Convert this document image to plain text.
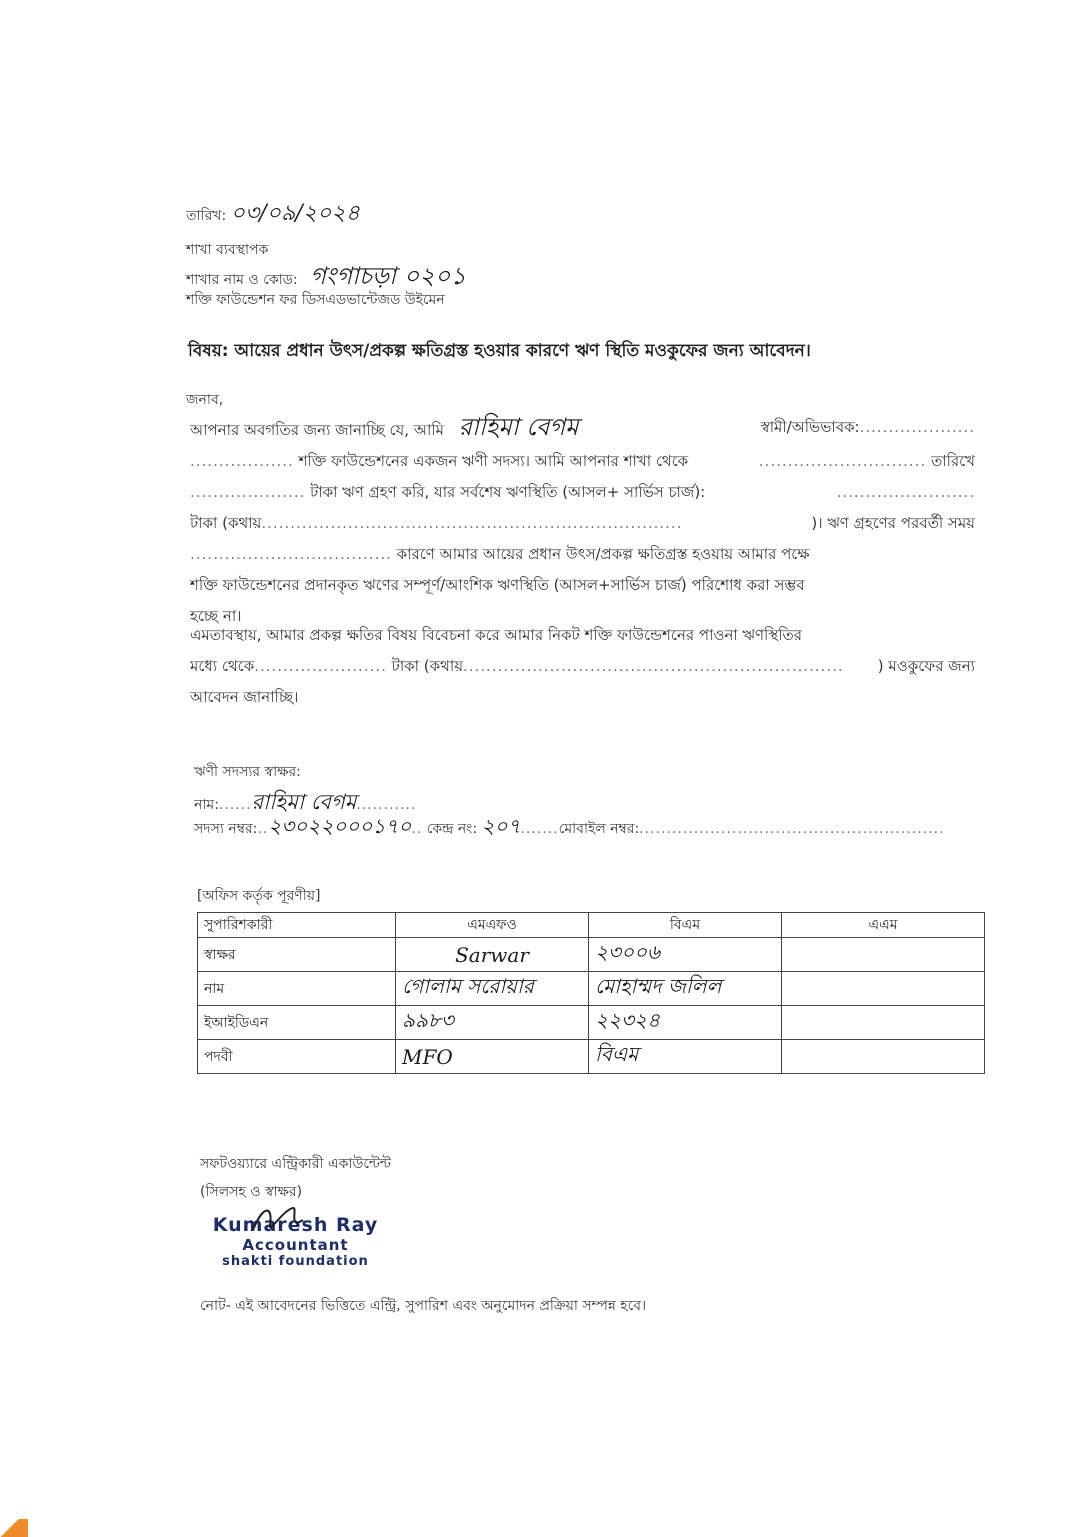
তারিখ: ০৩/০৯/২০২৪
শাখা ব্যবস্থাপক
শাখার নাম ও কোড: গংগাচড়া ০২০১
শক্তি ফাউন্ডেশন ফর ডিসএডভান্টেজড উইমেন
বিষয়: আয়ের প্রধান উৎস/প্রকল্প ক্ষতিগ্রস্ত হওয়ার কারণে ঋণ স্থিতি মওকুফের জন্য আবেদন।
জনাব,
আপনার অবগতির জন্য জানাচ্ছি যে, আমি রাহিমা বেগম	স্বামী/অভিভাবক:....................
.................. শক্তি ফাউন্ডেশনের একজন ঋণী সদস্য। আমি আপনার শাখা থেকে	............................. তারিখে
.................... টাকা ঋণ গ্রহণ করি, যার সর্বশেষ ঋণস্থিতি (আসল+ সার্ভিস চার্জ):	........................
টাকা (কথায়.........................................................................	)। ঋণ গ্রহণের পরবর্তী সময়
................................... কারণে আমার আয়ের প্রধান উৎস/প্রকল্প ক্ষতিগ্রস্ত হওয়ায় আমার পক্ষে
শক্তি ফাউন্ডেশনের প্রদানকৃত ঋণের সম্পূর্ণ/আংশিক ঋণস্থিতি (আসল+সার্ভিস চার্জ) পরিশোধ করা সম্ভব
হচ্ছে না।
এমতাবস্থায়, আমার প্রকল্প ক্ষতির বিষয় বিবেচনা করে আমার নিকট শক্তি ফাউন্ডেশনের পাওনা ঋণস্থিতির
মধ্যে থেকে....................... টাকা (কথায়.................................................................. ) মওকুফের জন্য
আবেদন জানাচ্ছি।
ঋণী সদস্যর স্বাক্ষর:
নাম:......রাহিমা বেগম...........
সদস্য নম্বর:..২৩০২২০০০১৭০.. কেন্দ্র নং: ২০৭.......মোবাইল নম্বর:........................................................
[অফিস কর্তৃক পূরণীয়]
সুপারিশকারী	এমএফও	বিএম	এএম
স্বাক্ষর	Sarwar	২৩০০৬	
নাম	গোলাম সরোয়ার	মোহাম্মদ জলিল	
ইআইডিএন	৯৯৮৩	২২৩২৪	
পদবী	MFO	বিএম	
সফটওয়্যারে এন্ট্রিকারী একাউন্টেন্ট
(সিলসহ ও স্বাক্ষর)
Kumaresh Ray
Accountant
shakti foundation
নোট- এই আবেদনের ভিত্তিতে এন্ট্রি, সুপারিশ এবং অনুমোদন প্রক্রিয়া সম্পন্ন হবে।
